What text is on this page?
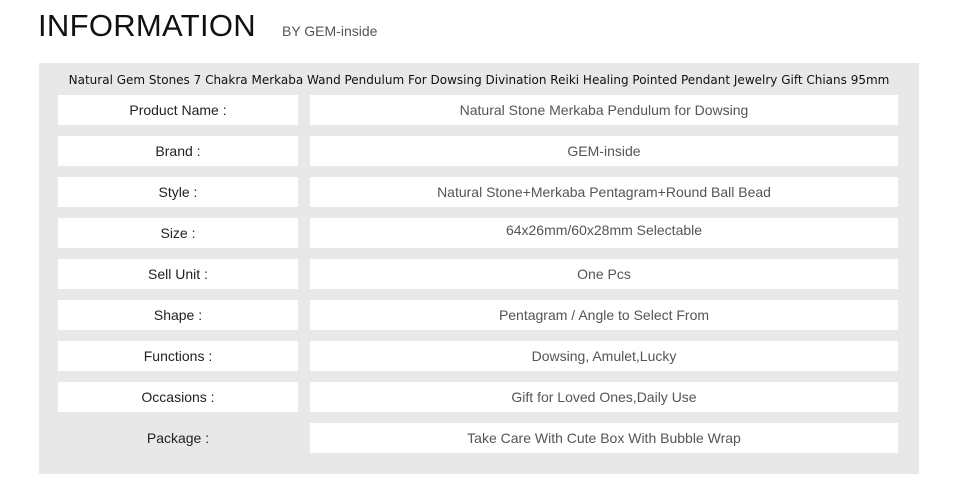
INFORMATION BY GEM-inside
Natural Gem Stones 7 Chakra Merkaba Wand Pendulum For Dowsing Divination Reiki Healing Pointed Pendant Jewelry Gift Chians 95mm
Product Name :	Natural Stone Merkaba Pendulum for Dowsing
Brand :	GEM-inside
Style :	Natural Stone+Merkaba Pentagram+Round Ball Bead
Size :	64x26mm/60x28mm Selectable
Sell Unit :	One Pcs
Shape :	Pentagram / Angle to Select From
Functions :	Dowsing, Amulet,Lucky
Occasions :	Gift for Loved Ones,Daily Use
Package :	Take Care With Cute Box With Bubble Wrap
